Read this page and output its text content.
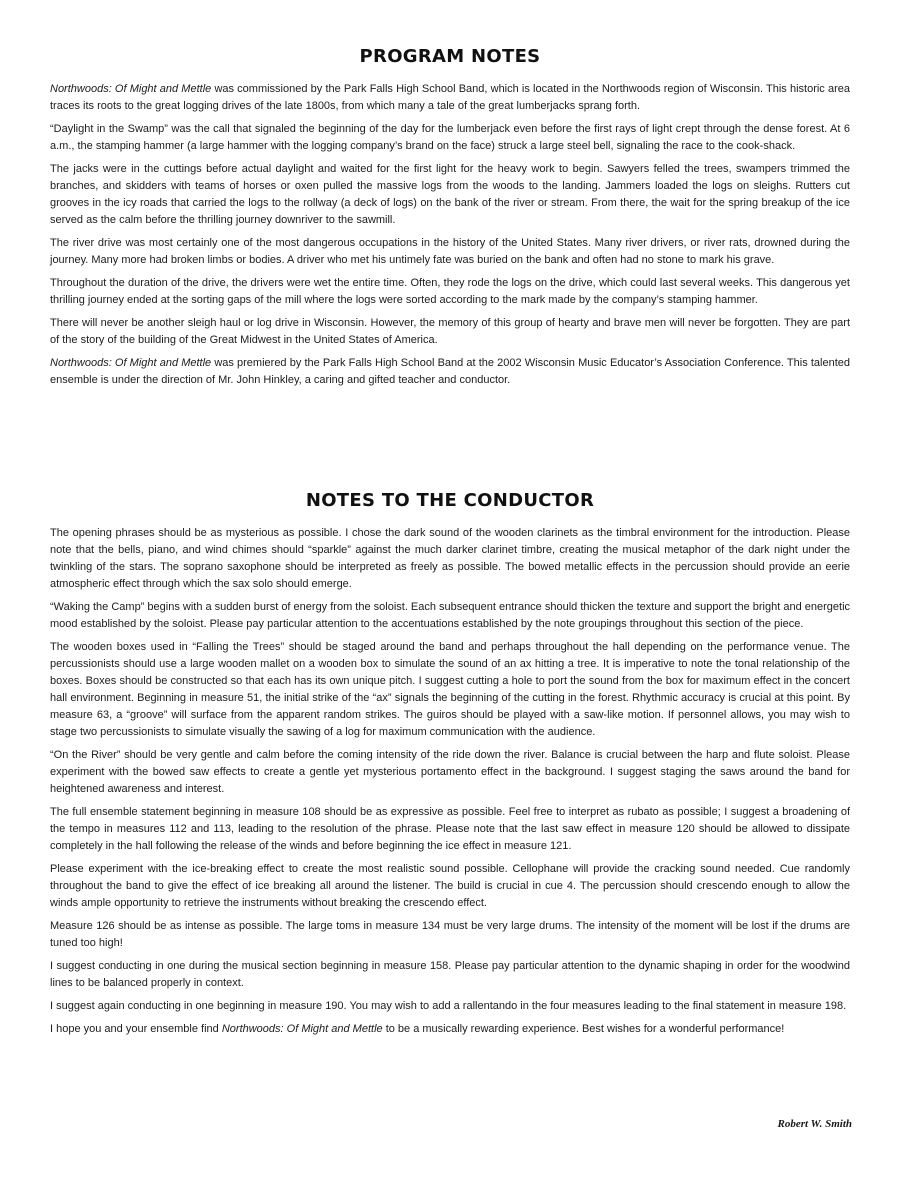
PROGRAM NOTES

Northwoods: Of Might and Mettle was commissioned by the Park Falls High School Band, which is located in the Northwoods region of Wisconsin. This historic area traces its roots to the great logging drives of the late 1800s, from which many a tale of the great lumberjacks sprang forth.

“Daylight in the Swamp” was the call that signaled the beginning of the day for the lumberjack even before the first rays of light crept through the dense forest. At 6 a.m., the stamping hammer (a large hammer with the logging company’s brand on the face) struck a large steel bell, signaling the race to the cook-shack.

The jacks were in the cuttings before actual daylight and waited for the first light for the heavy work to begin. Sawyers felled the trees, swampers trimmed the branches, and skidders with teams of horses or oxen pulled the massive logs from the woods to the landing. Jammers loaded the logs on sleighs. Rutters cut grooves in the icy roads that carried the logs to the rollway (a deck of logs) on the bank of the river or stream. From there, the wait for the spring breakup of the ice served as the calm before the thrilling journey downriver to the sawmill.

The river drive was most certainly one of the most dangerous occupations in the history of the United States. Many river drivers, or river rats, drowned during the journey. Many more had broken limbs or bodies. A driver who met his untimely fate was buried on the bank and often had no stone to mark his grave.

Throughout the duration of the drive, the drivers were wet the entire time. Often, they rode the logs on the drive, which could last several weeks. This dangerous yet thrilling journey ended at the sorting gaps of the mill where the logs were sorted according to the mark made by the company’s stamping hammer.

There will never be another sleigh haul or log drive in Wisconsin. However, the memory of this group of hearty and brave men will never be forgotten. They are part of the story of the building of the Great Midwest in the United States of America.

Northwoods: Of Might and Mettle was premiered by the Park Falls High School Band at the 2002 Wisconsin Music Educator’s Association Conference. This talented ensemble is under the direction of Mr. John Hinkley, a caring and gifted teacher and conductor.

NOTES TO THE CONDUCTOR

The opening phrases should be as mysterious as possible. I chose the dark sound of the wooden clarinets as the timbral environment for the introduction. Please note that the bells, piano, and wind chimes should “sparkle” against the much darker clarinet timbre, creating the musical metaphor of the dark night under the twinkling of the stars. The soprano saxophone should be interpreted as freely as possible. The bowed metallic effects in the percussion should provide an eerie atmospheric effect through which the sax solo should emerge.

“Waking the Camp” begins with a sudden burst of energy from the soloist. Each subsequent entrance should thicken the texture and support the bright and energetic mood established by the soloist. Please pay particular attention to the accentuations established by the note groupings throughout this section of the piece.

The wooden boxes used in “Falling the Trees” should be staged around the band and perhaps throughout the hall depending on the performance venue. The percussionists should use a large wooden mallet on a wooden box to simulate the sound of an ax hitting a tree. It is imperative to note the tonal relationship of the boxes. Boxes should be constructed so that each has its own unique pitch. I suggest cutting a hole to port the sound from the box for maximum effect in the concert hall environment. Beginning in measure 51, the initial strike of the “ax” signals the beginning of the cutting in the forest. Rhythmic accuracy is crucial at this point. By measure 63, a “groove” will surface from the apparent random strikes. The guiros should be played with a saw-like motion. If personnel allows, you may wish to stage two percussionists to simulate visually the sawing of a log for maximum communication with the audience.

“On the River” should be very gentle and calm before the coming intensity of the ride down the river. Balance is crucial between the harp and flute soloist. Please experiment with the bowed saw effects to create a gentle yet mysterious portamento effect in the background. I suggest staging the saws around the band for heightened awareness and interest.

The full ensemble statement beginning in measure 108 should be as expressive as possible. Feel free to interpret as rubato as possible; I suggest a broadening of the tempo in measures 112 and 113, leading to the resolution of the phrase. Please note that the last saw effect in measure 120 should be allowed to dissipate completely in the hall following the release of the winds and before beginning the ice effect in measure 121.

Please experiment with the ice-breaking effect to create the most realistic sound possible. Cellophane will provide the cracking sound needed. Cue randomly throughout the band to give the effect of ice breaking all around the listener. The build is crucial in cue 4. The percussion should crescendo enough to allow the winds ample opportunity to retrieve the instruments without breaking the crescendo effect.

Measure 126 should be as intense as possible. The large toms in measure 134 must be very large drums. The intensity of the moment will be lost if the drums are tuned too high!

I suggest conducting in one during the musical section beginning in measure 158. Please pay particular attention to the dynamic shaping in order for the woodwind lines to be balanced properly in context.

I suggest again conducting in one beginning in measure 190. You may wish to add a rallentando in the four measures leading to the final statement in measure 198.

I hope you and your ensemble find Northwoods: Of Might and Mettle to be a musically rewarding experience. Best wishes for a wonderful performance!

Robert W. Smith
